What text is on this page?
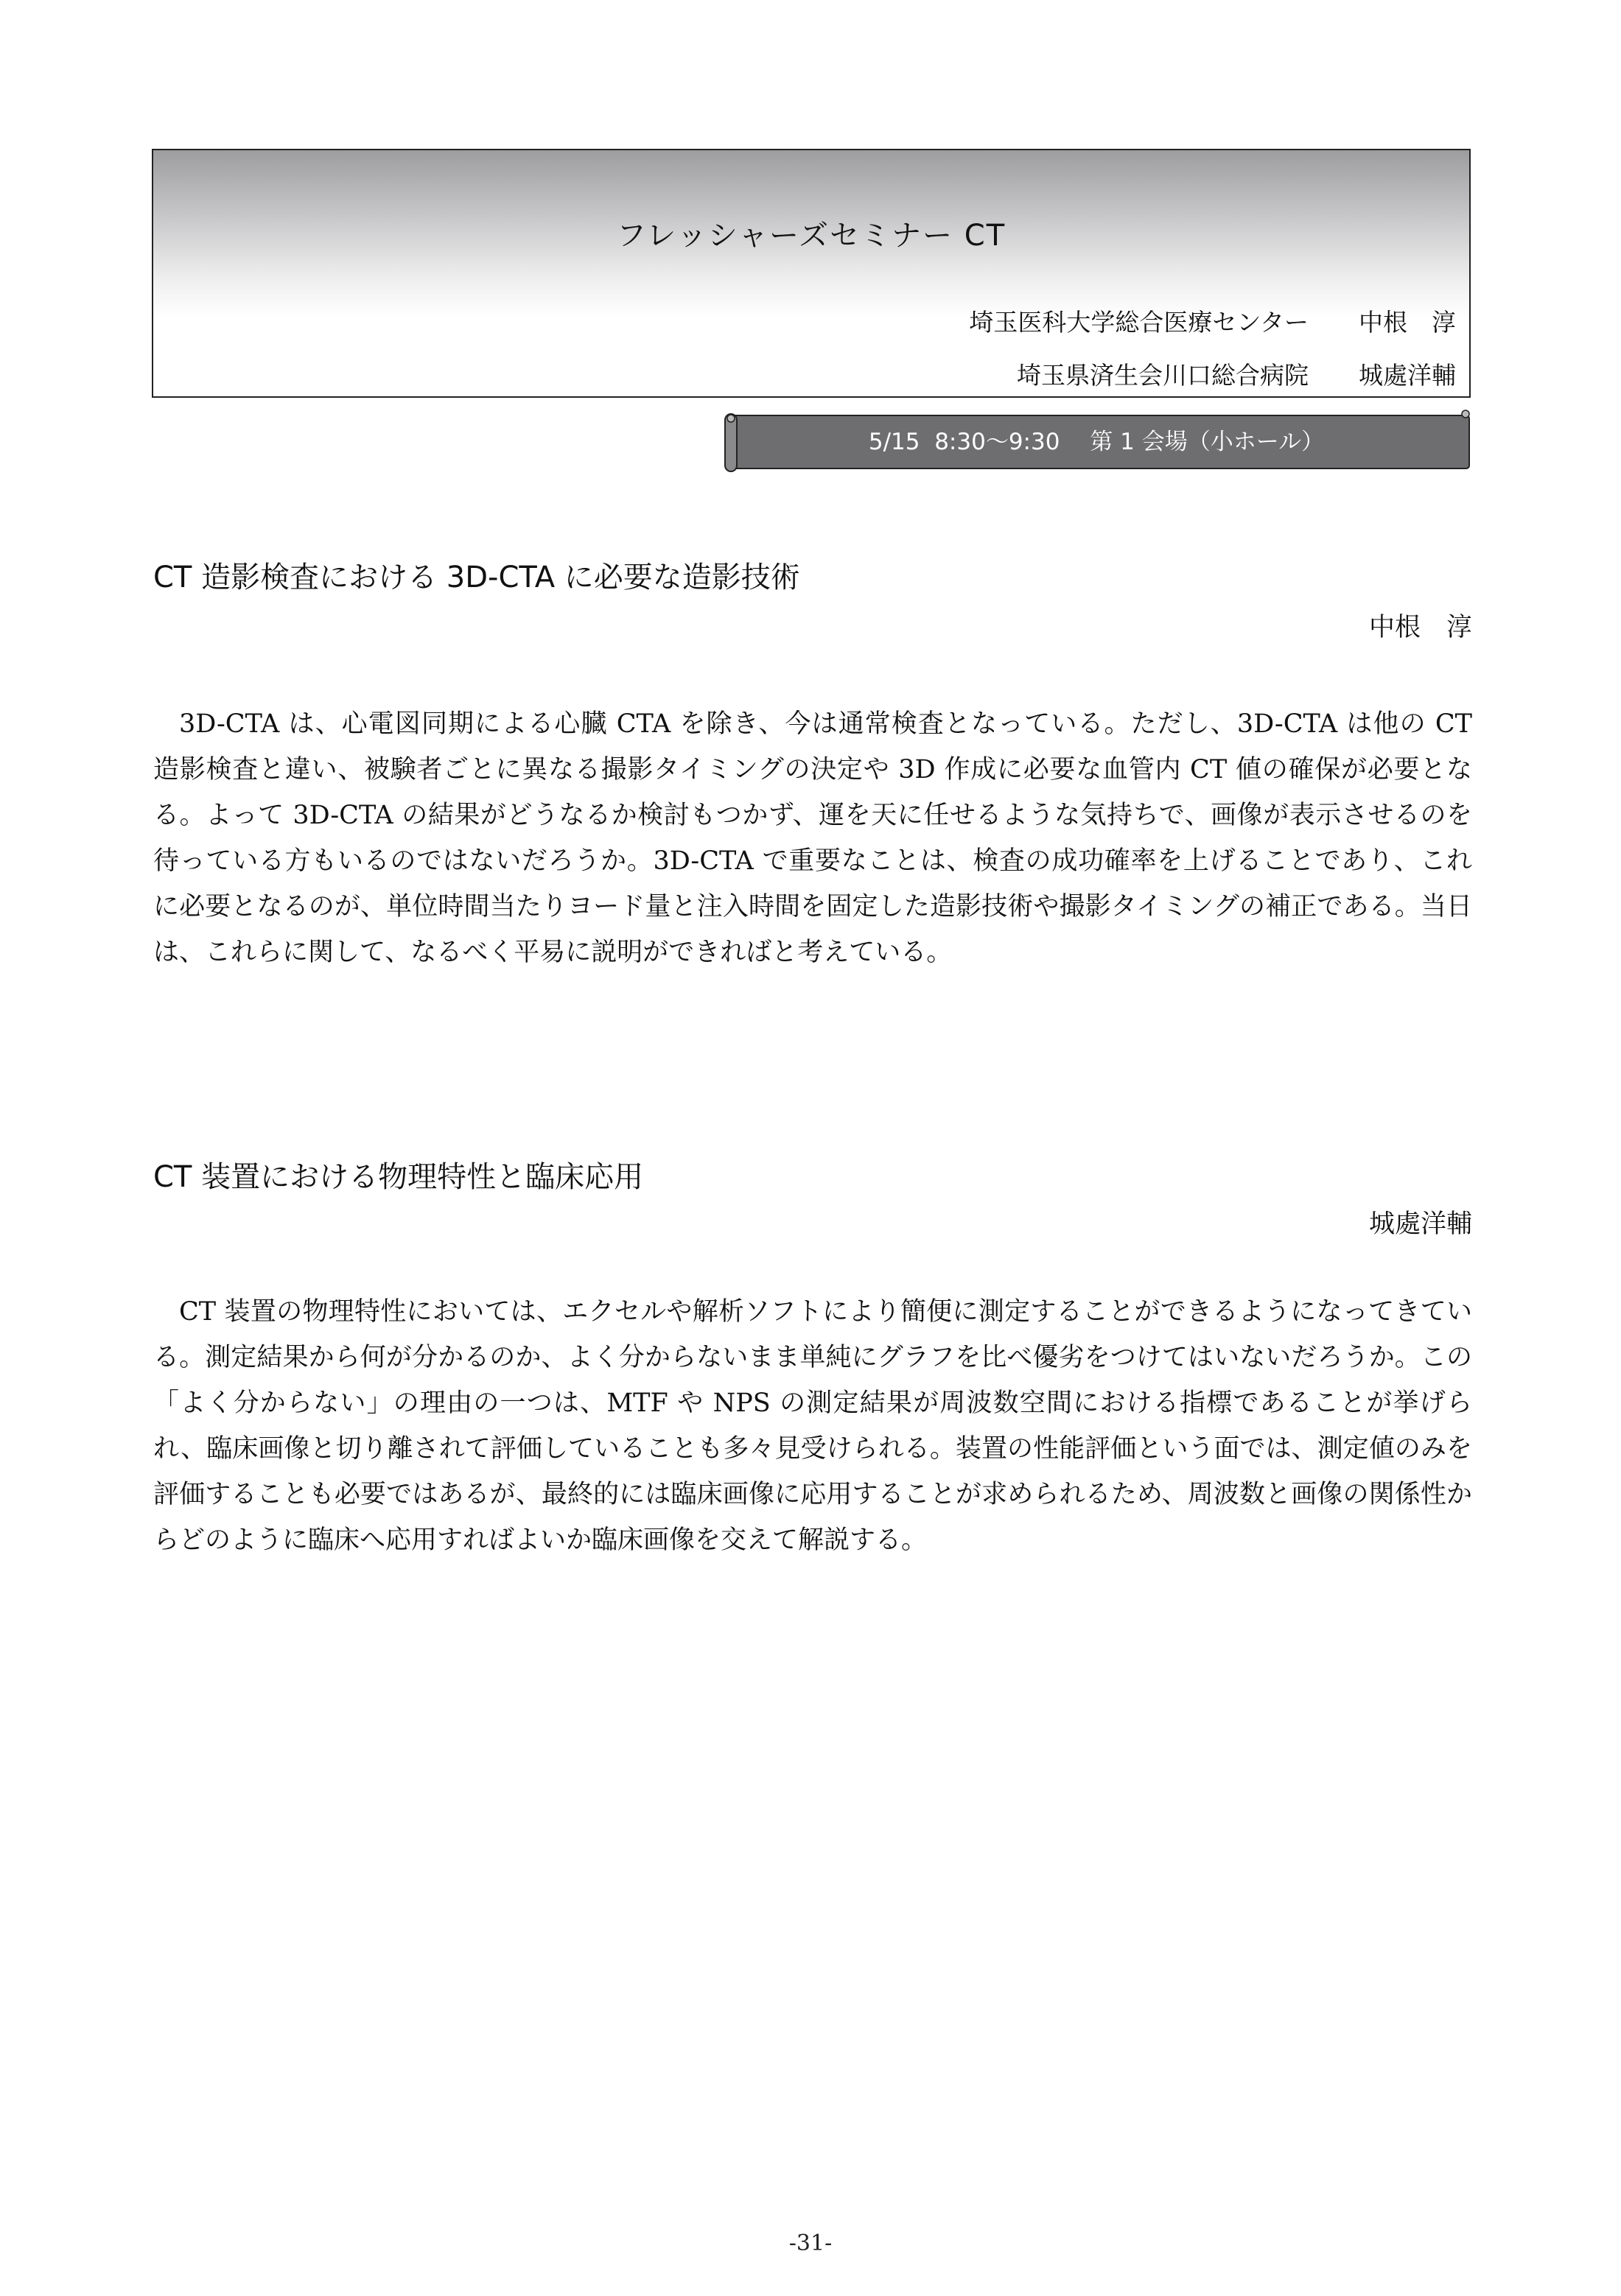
フレッシャーズセミナー CT
埼玉医科大学総合医療センター 中根　淳
埼玉県済生会川口総合病院 城處洋輔
5/15  8:30〜9:30　 第 1 会場（小ホール）
CT 造影検査における 3D-CTA に必要な造影技術
中根　淳
3D-CTA は、心電図同期による心臓 CTA を除き、今は通常検査となっている。ただし、3D-CTA は他の CT 造影検査と違い、被験者ごとに異なる撮影タイミングの決定や 3D 作成に必要な血管内 CT 値の確保が必要となる。よって 3D-CTA の結果がどうなるか検討もつかず、運を天に任せるような気持ちで、画像が表示させるのを待っている方もいるのではないだろうか。3D-CTA で重要なことは、検査の成功確率を上げることであり、これに必要となるのが、単位時間当たりヨード量と注入時間を固定した造影技術や撮影タイミングの補正である。当日は、これらに関して、なるべく平易に説明ができればと考えている。
CT 装置における物理特性と臨床応用
城處洋輔
CT 装置の物理特性においては、エクセルや解析ソフトにより簡便に測定することができるようになってきている。測定結果から何が分かるのか、よく分からないまま単純にグラフを比べ優劣をつけてはいないだろうか。この「よく分からない」の理由の一つは、MTF や NPS の測定結果が周波数空間における指標であることが挙げられ、臨床画像と切り離されて評価していることも多々見受けられる。装置の性能評価という面では、測定値のみを評価することも必要ではあるが、最終的には臨床画像に応用することが求められるため、周波数と画像の関係性からどのように臨床へ応用すればよいか臨床画像を交えて解説する。
-31-
